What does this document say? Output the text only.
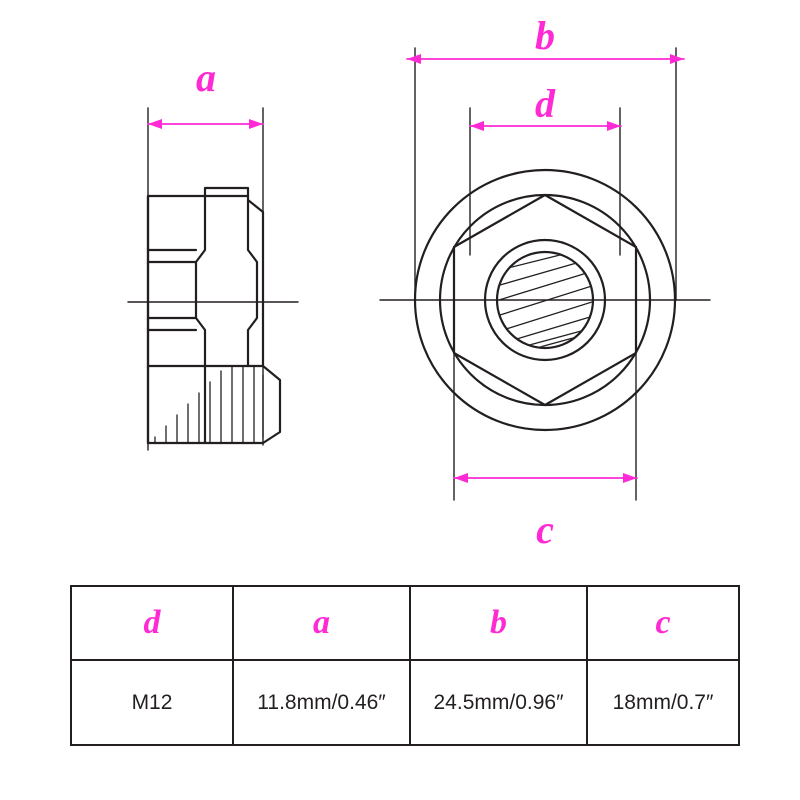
a
b
d
c
d	a	b	c
M12	11.8mm/0.46″	24.5mm/0.96″	18mm/0.7″
